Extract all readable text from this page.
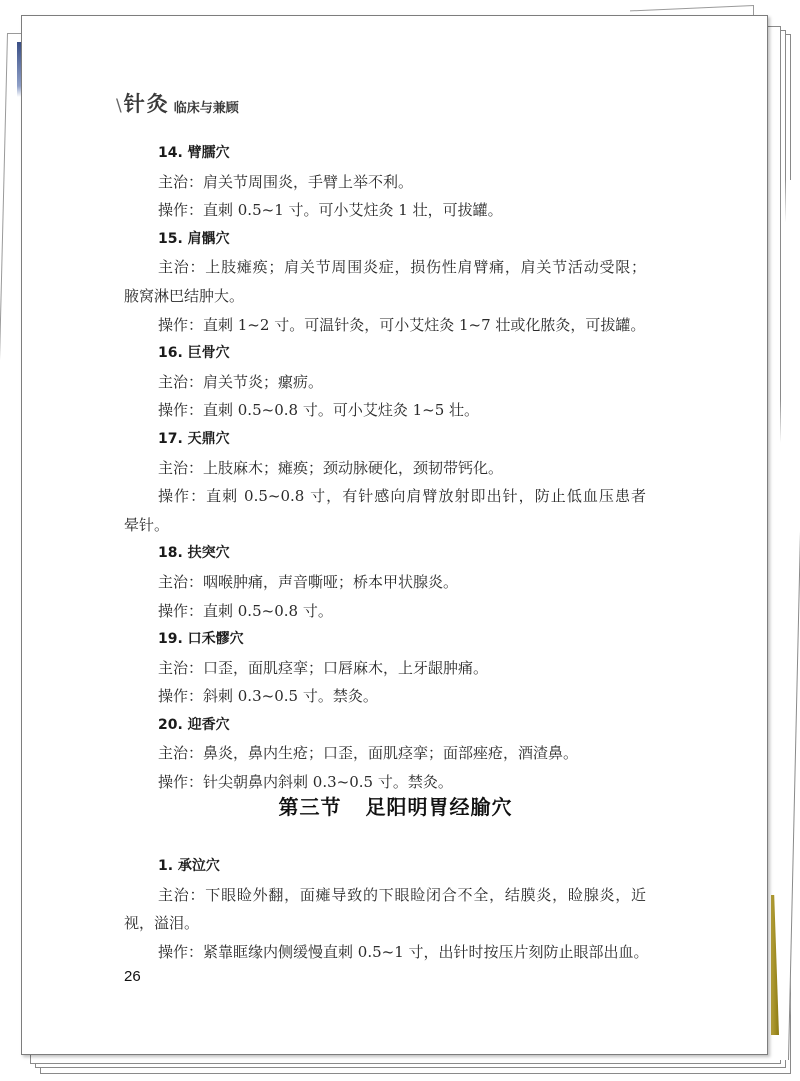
\ 针灸 临床与兼顾
14. 臂臑穴
主治：肩关节周围炎，手臂上举不利。
操作：直刺 0.5~1 寸。可小艾炷灸 1 壮，可拔罐。
15. 肩髃穴
主治：上肢瘫痪；肩关节周围炎症，损伤性肩臂痛，肩关节活动受限；
腋窝淋巴结肿大。
操作：直刺 1~2 寸。可温针灸，可小艾炷灸 1~7 壮或化脓灸，可拔罐。
16. 巨骨穴
主治：肩关节炎；瘰疬。
操作：直刺 0.5~0.8 寸。可小艾炷灸 1~5 壮。
17. 天鼎穴
主治：上肢麻木；瘫痪；颈动脉硬化，颈韧带钙化。
操作：直刺 0.5~0.8 寸，有针感向肩臂放射即出针，防止低血压患者
晕针。
18. 扶突穴
主治：咽喉肿痛，声音嘶哑；桥本甲状腺炎。
操作：直刺 0.5~0.8 寸。
19. 口禾髎穴
主治：口歪，面肌痉挛；口唇麻木，上牙龈肿痛。
操作：斜刺 0.3~0.5 寸。禁灸。
20. 迎香穴
主治：鼻炎，鼻内生疮；口歪，面肌痉挛；面部痤疮，酒渣鼻。
操作：针尖朝鼻内斜刺 0.3~0.5 寸。禁灸。
第三节 足阳明胃经腧穴
1. 承泣穴
主治：下眼睑外翻，面瘫导致的下眼睑闭合不全，结膜炎，睑腺炎，近
视，溢泪。
操作：紧靠眶缘内侧缓慢直刺 0.5~1 寸，出针时按压片刻防止眼部出血。
26
